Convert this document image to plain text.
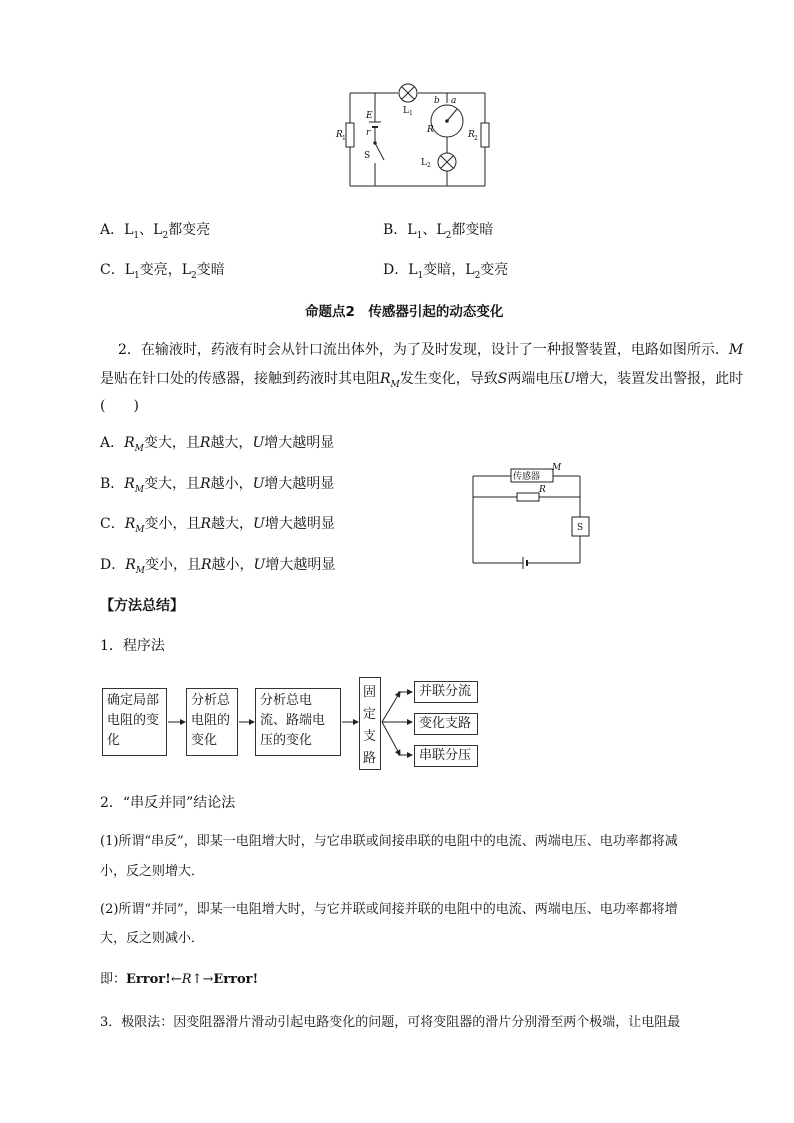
E
r
S
R 1	R 2
L 1
L 2
R
b a
A．$L_1$、$L_2$都变亮	B．$L_1$、$L_2$都变暗
C．$L_1$变亮，$L_2$变暗	D．$L_1$变暗，$L_2$变亮
命题点2　传感器引起的动态变化
2．在输液时，药液有时会从针口流出体外，为了及时发现，设计了一种报警装置，电路如图所示．M
是贴在针口处的传感器，接触到药液时其电阻$R_M$发生变化，导致S两端电压U增大，装置发出警报，此时
(　　)
A．$R_M$变大，且R越大，U增大越明显
B．$R_M$变大，且R越小，U增大越明显
C．$R_M$变小，且R越大，U增大越明显
D．$R_M$变小，且R越小，U增大越明显
传感器
M
R
S
【方法总结】
1．程序法
确定局部电阻的变化
分析总电阻的变化
分析总电流、路端电压的变化
固定支路
并联分流
变化支路
串联分压
2．“串反并同”结论法
(1)所谓“串反”，即某一电阻增大时，与它串联或间接串联的电阻中的电流、两端电压、电功率都将减
小，反之则增大．
(2)所谓“并同”，即某一电阻增大时，与它并联或间接并联的电阻中的电流、两端电压、电功率都将增
大，反之则减小．
即：Error!←R↑→Error!
3．极限法：因变阻器滑片滑动引起电路变化的问题，可将变阻器的滑片分别滑至两个极端，让电阻最
